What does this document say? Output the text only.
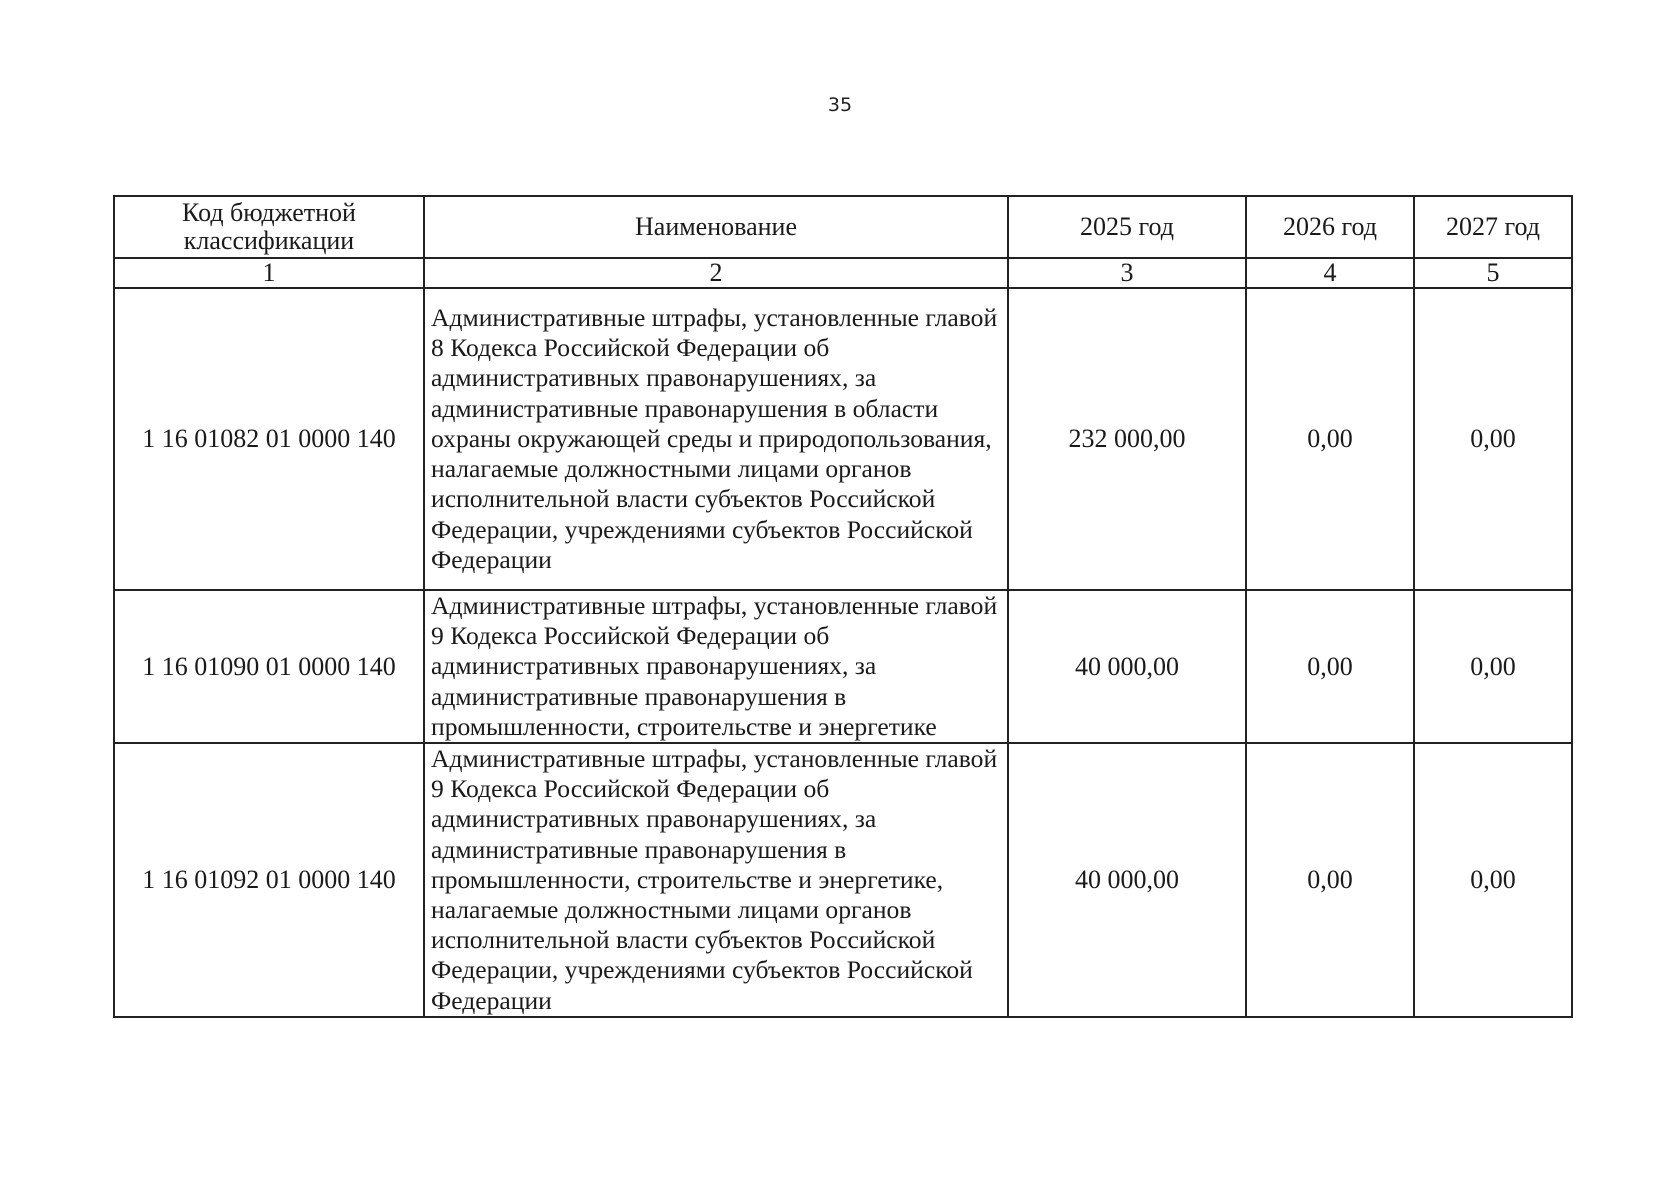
35
Код бюджетной классификации	Наименование	2025 год	2026 год	2027 год
1	2	3	4	5
1 16 01082 01 0000 140	Административные штрафы, установленные главой 8 Кодекса Российской Федерации об административных правонарушениях, за административные правонарушения в области охраны окружающей среды и природопользования, налагаемые должностными лицами органов исполнительной власти субъектов Российской Федерации, учреждениями субъектов Российской Федерации	232 000,00	0,00	0,00
1 16 01090 01 0000 140	Административные штрафы, установленные главой 9 Кодекса Российской Федерации об административных правонарушениях, за административные правонарушения в промышленности, строительстве и энергетике	40 000,00	0,00	0,00
1 16 01092 01 0000 140	Административные штрафы, установленные главой 9 Кодекса Российской Федерации об административных правонарушениях, за административные правонарушения в промышленности, строительстве и энергетике, налагаемые должностными лицами органов исполнительной власти субъектов Российской Федерации, учреждениями субъектов Российской Федерации	40 000,00	0,00	0,00
